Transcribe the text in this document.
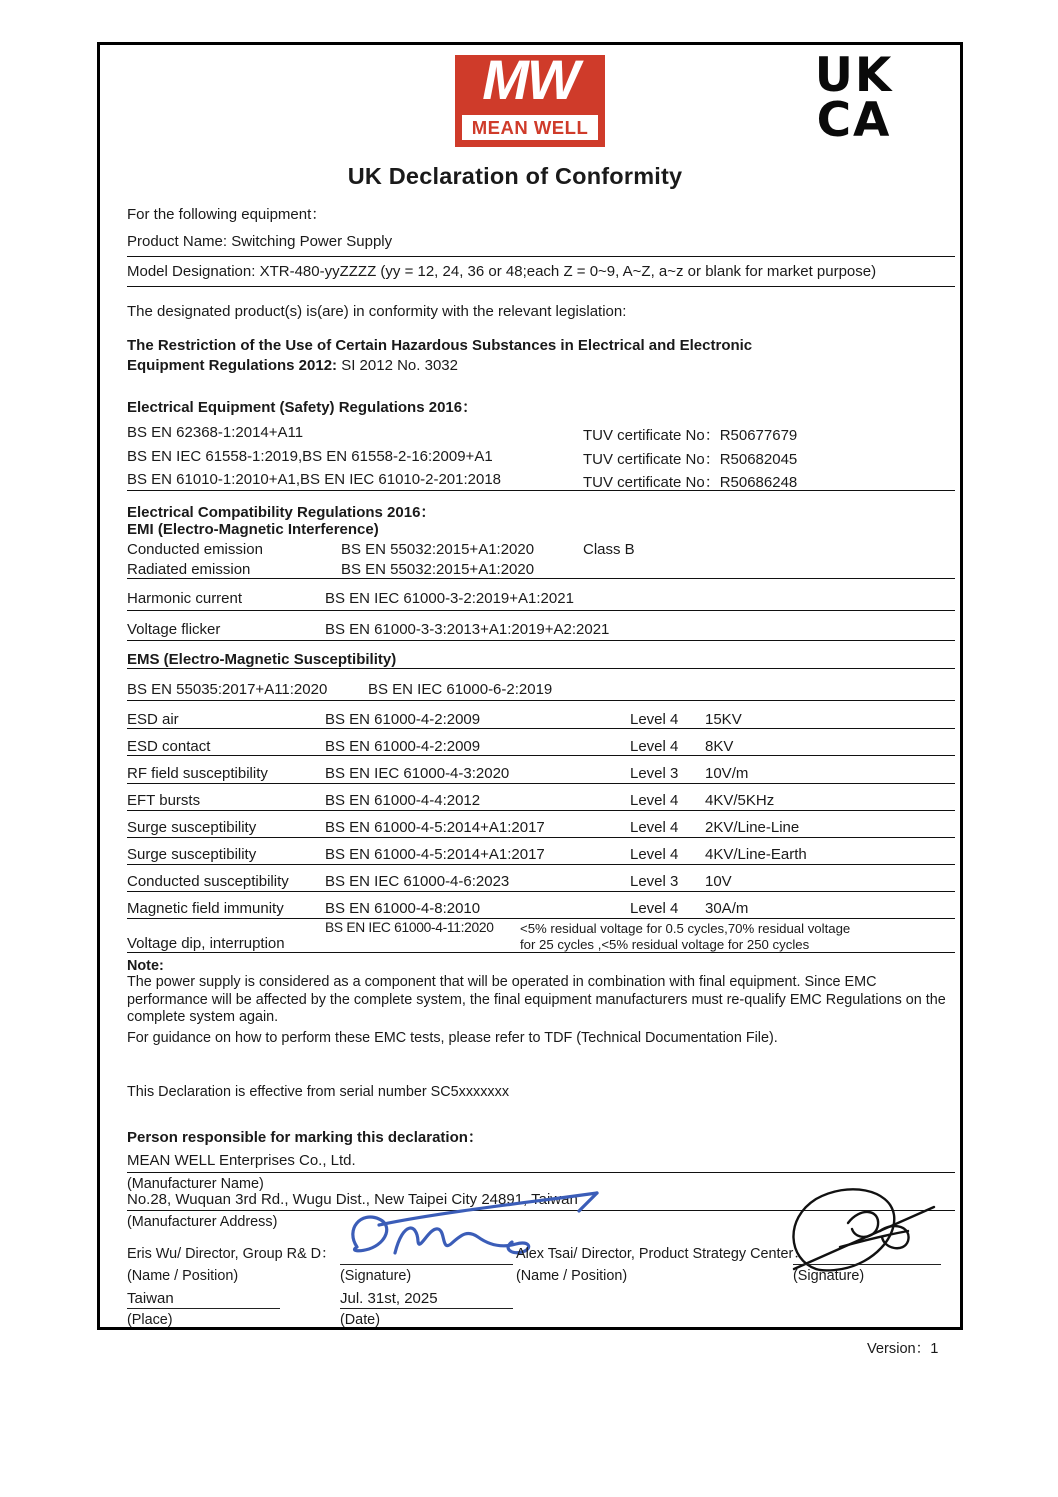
MW
MEAN WELL
UK
CA
UK Declaration of Conformity
For the following equipment：
Product Name: Switching Power Supply
Model Designation: XTR-480-yyZZZZ (yy = 12, 24, 36 or 48;each Z = 0~9, A~Z, a~z or blank for market purpose)
The designated product(s) is(are) in conformity with the relevant legislation:
The Restriction of the Use of Certain Hazardous Substances in Electrical and Electronic
Equipment Regulations 2012: SI 2012 No. 3032
Electrical Equipment (Safety) Regulations 2016：
BS EN 62368-1:2014+A11	TUV certificate No：R50677679
BS EN IEC 61558-1:2019,BS EN 61558-2-16:2009+A1	TUV certificate No：R50682045
BS EN 61010-1:2010+A1,BS EN IEC 61010-2-201:2018	TUV certificate No：R50686248
Electrical Compatibility Regulations 2016：
EMI (Electro-Magnetic Interference)
Conducted emission	BS EN 55032:2015+A1:2020	Class B
Radiated emission	BS EN 55032:2015+A1:2020
Harmonic current	BS EN IEC 61000-3-2:2019+A1:2021
Voltage flicker	BS EN 61000-3-3:2013+A1:2019+A2:2021
EMS (Electro-Magnetic Susceptibility)
BS EN 55035:2017+A11:2020	BS EN IEC 61000-6-2:2019
ESD air	BS EN 61000-4-2:2009	Level 4 15KV
ESD contact	BS EN 61000-4-2:2009	Level 4 8KV
RF field susceptibility	BS EN IEC 61000-4-3:2020	Level 3 10V/m
EFT bursts	BS EN 61000-4-4:2012	Level 4 4KV/5KHz
Surge susceptibility	BS EN 61000-4-5:2014+A1:2017	Level 4 2KV/Line-Line
Surge susceptibility	BS EN 61000-4-5:2014+A1:2017	Level 4 4KV/Line-Earth
Conducted susceptibility BS EN IEC 61000-4-6:2023	Level 3 10V
Magnetic field immunity	BS EN 61000-4-8:2010	Level 4 30A/m
Voltage dip, interruption
BS EN IEC 61000-4-11:2020 <5% residual voltage for 0.5 cycles,70% residual voltage
for 25 cycles ,<5% residual voltage for 250 cycles
Note:
The power supply is considered as a component that will be operated in combination with final equipment. Since EMC performance will be affected by the complete system, the final equipment manufacturers must re-qualify EMC Regulations on the complete system again.
For guidance on how to perform these EMC tests, please refer to TDF (Technical Documentation File).
This Declaration is effective from serial number SC5xxxxxxx
Person responsible for marking this declaration：
MEAN WELL Enterprises Co., Ltd.
(Manufacturer Name)
No.28, Wuquan 3rd Rd., Wugu Dist., New Taipei City 24891, Taiwan
(Manufacturer Address)
Eris Wu/ Director, Group R& D：	Alex Tsai/ Director, Product Strategy Center：
(Name / Position)	(Signature)	(Name / Position)	(Signature)
Taiwan	Jul. 31st, 2025
(Place)	(Date)
Version：1
